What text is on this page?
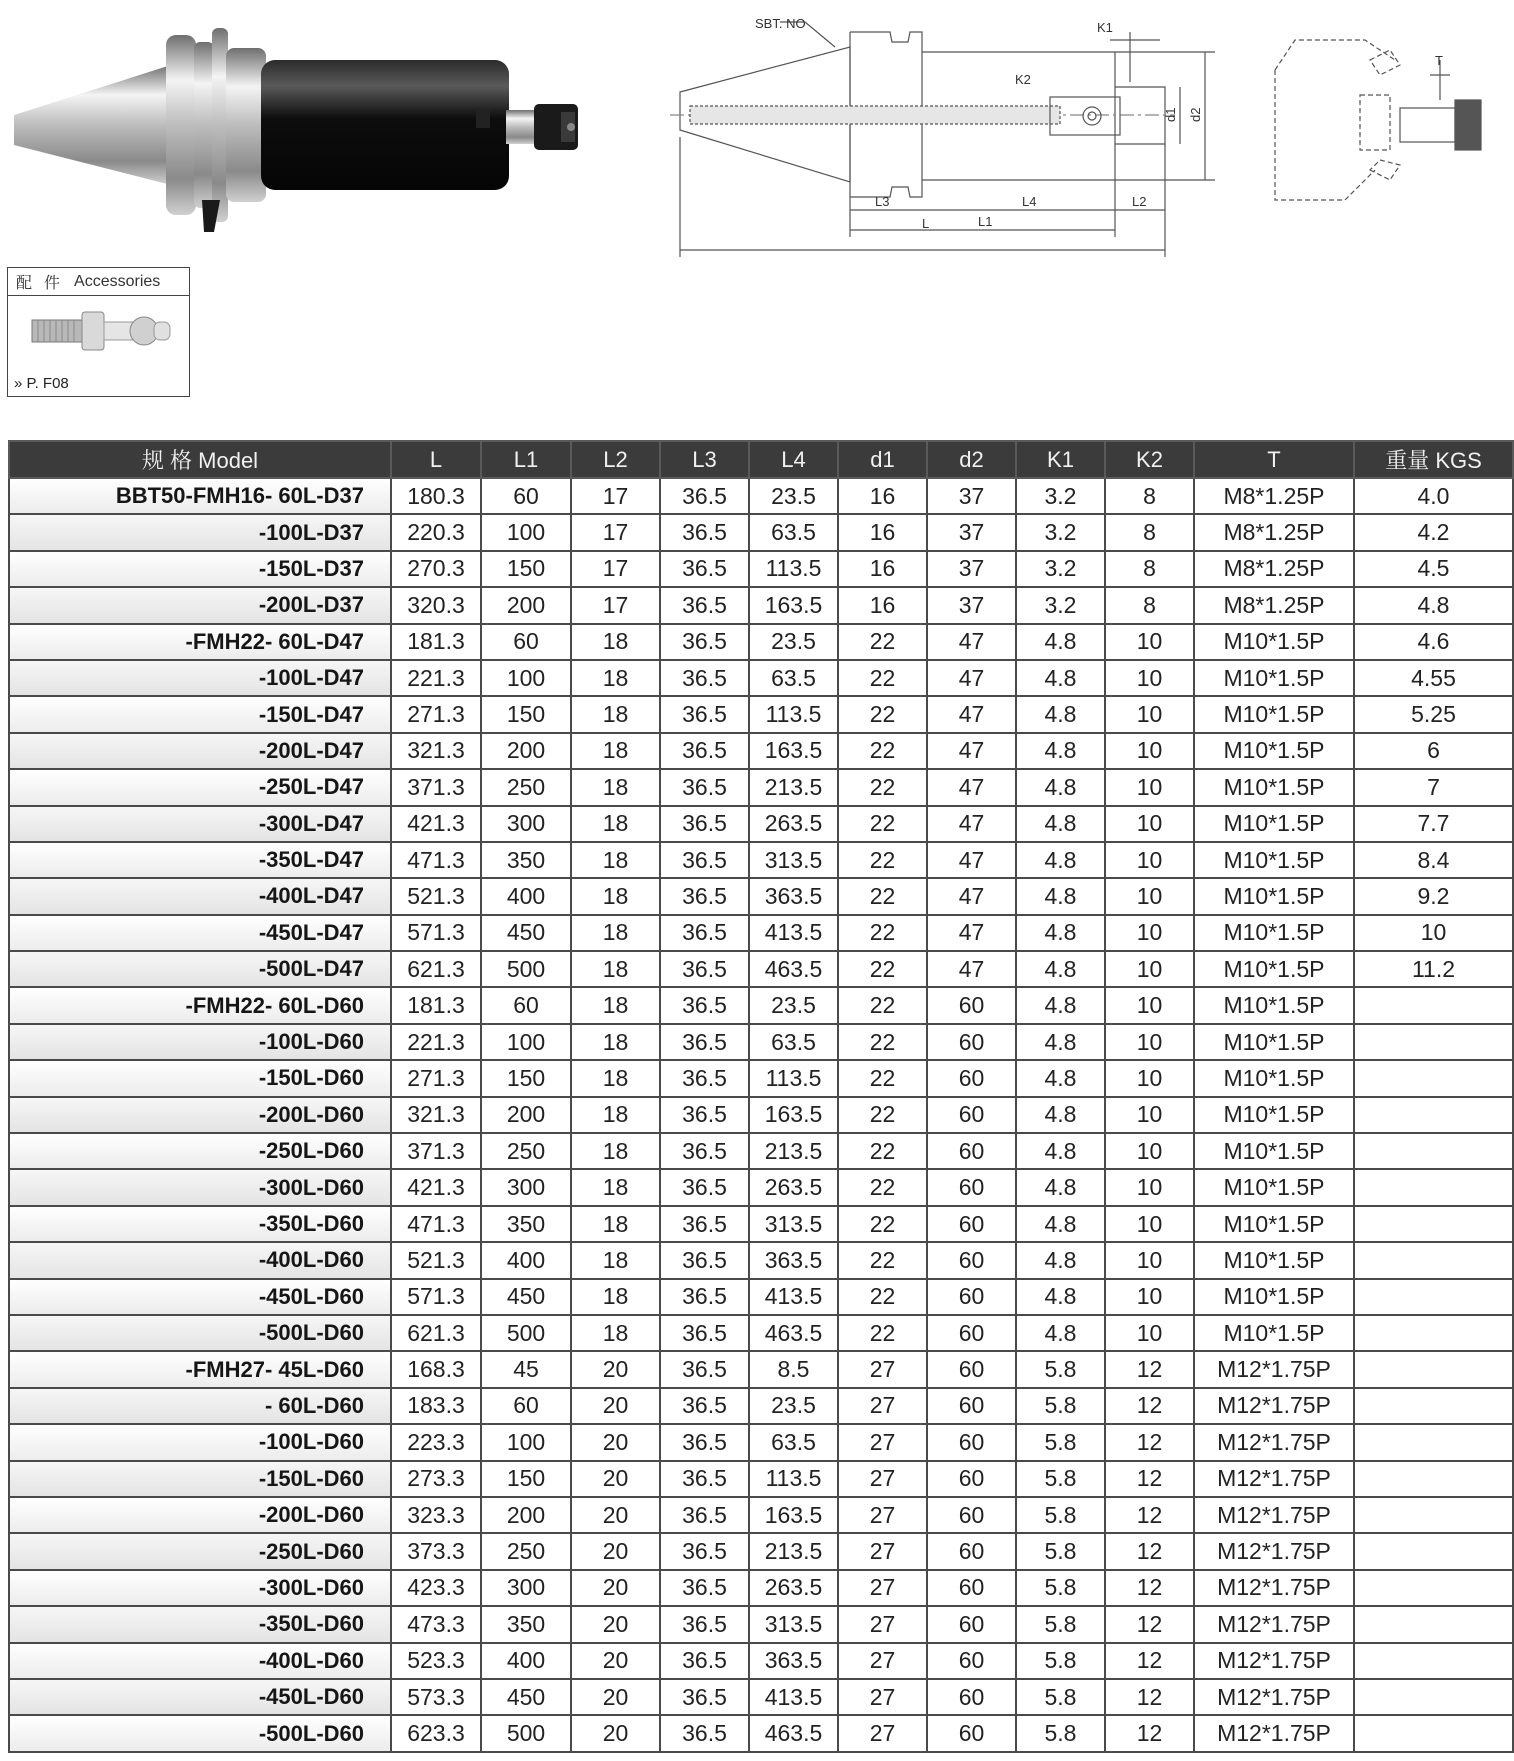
SBT. NO	K1
K2
d1 d2
L	L1
L2
L3	L4
T
配件 Accessories
» P. F08
规 格 Model	L	L1	L2	L3	L4	d1	d2	K1	K2	T	重量 KGS
BBT50-FMH16- 60L-D37	180.3	60	17	36.5	23.5	16	37	3.2	8	M8*1.25P	4.0
-100L-D37	220.3	100	17	36.5	63.5	16	37	3.2	8	M8*1.25P	4.2
-150L-D37	270.3	150	17	36.5	113.5	16	37	3.2	8	M8*1.25P	4.5
-200L-D37	320.3	200	17	36.5	163.5	16	37	3.2	8	M8*1.25P	4.8
-FMH22- 60L-D47	181.3	60	18	36.5	23.5	22	47	4.8	10	M10*1.5P	4.6
-100L-D47	221.3	100	18	36.5	63.5	22	47	4.8	10	M10*1.5P	4.55
-150L-D47	271.3	150	18	36.5	113.5	22	47	4.8	10	M10*1.5P	5.25
-200L-D47	321.3	200	18	36.5	163.5	22	47	4.8	10	M10*1.5P	6
-250L-D47	371.3	250	18	36.5	213.5	22	47	4.8	10	M10*1.5P	7
-300L-D47	421.3	300	18	36.5	263.5	22	47	4.8	10	M10*1.5P	7.7
-350L-D47	471.3	350	18	36.5	313.5	22	47	4.8	10	M10*1.5P	8.4
-400L-D47	521.3	400	18	36.5	363.5	22	47	4.8	10	M10*1.5P	9.2
-450L-D47	571.3	450	18	36.5	413.5	22	47	4.8	10	M10*1.5P	10
-500L-D47	621.3	500	18	36.5	463.5	22	47	4.8	10	M10*1.5P	11.2
-FMH22- 60L-D60	181.3	60	18	36.5	23.5	22	60	4.8	10	M10*1.5P	
-100L-D60	221.3	100	18	36.5	63.5	22	60	4.8	10	M10*1.5P	
-150L-D60	271.3	150	18	36.5	113.5	22	60	4.8	10	M10*1.5P	
-200L-D60	321.3	200	18	36.5	163.5	22	60	4.8	10	M10*1.5P	
-250L-D60	371.3	250	18	36.5	213.5	22	60	4.8	10	M10*1.5P	
-300L-D60	421.3	300	18	36.5	263.5	22	60	4.8	10	M10*1.5P	
-350L-D60	471.3	350	18	36.5	313.5	22	60	4.8	10	M10*1.5P	
-400L-D60	521.3	400	18	36.5	363.5	22	60	4.8	10	M10*1.5P	
-450L-D60	571.3	450	18	36.5	413.5	22	60	4.8	10	M10*1.5P	
-500L-D60	621.3	500	18	36.5	463.5	22	60	4.8	10	M10*1.5P	
-FMH27- 45L-D60	168.3	45	20	36.5	8.5	27	60	5.8	12	M12*1.75P	
- 60L-D60	183.3	60	20	36.5	23.5	27	60	5.8	12	M12*1.75P	
-100L-D60	223.3	100	20	36.5	63.5	27	60	5.8	12	M12*1.75P	
-150L-D60	273.3	150	20	36.5	113.5	27	60	5.8	12	M12*1.75P	
-200L-D60	323.3	200	20	36.5	163.5	27	60	5.8	12	M12*1.75P	
-250L-D60	373.3	250	20	36.5	213.5	27	60	5.8	12	M12*1.75P	
-300L-D60	423.3	300	20	36.5	263.5	27	60	5.8	12	M12*1.75P	
-350L-D60	473.3	350	20	36.5	313.5	27	60	5.8	12	M12*1.75P	
-400L-D60	523.3	400	20	36.5	363.5	27	60	5.8	12	M12*1.75P	
-450L-D60	573.3	450	20	36.5	413.5	27	60	5.8	12	M12*1.75P	
-500L-D60	623.3	500	20	36.5	463.5	27	60	5.8	12	M12*1.75P	
